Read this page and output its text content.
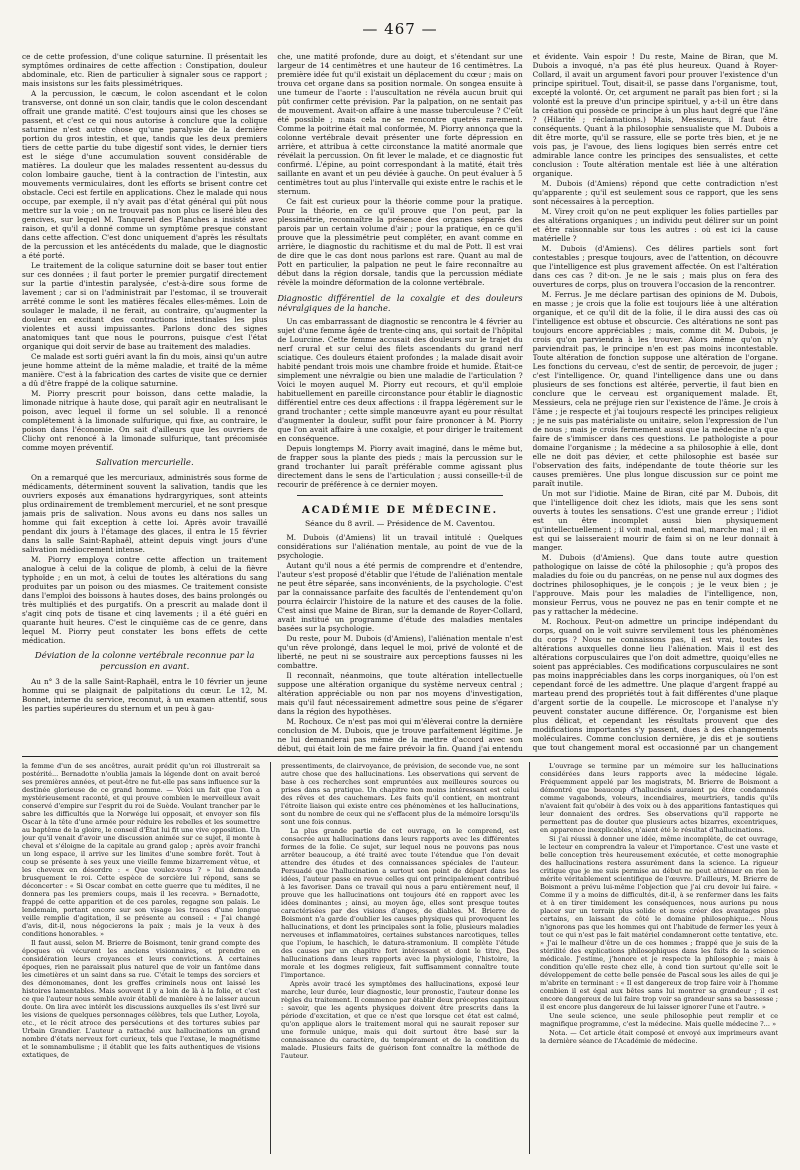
— 467 —

ce de cette profession, d'une colique saturnine. Il présentait les symptômes ordinaires de cette affection : Constipation, douleur abdominale, etc. Rien de particulier à signaler sous ce rapport ; mais insistons sur les faits plessimétriques.

A la percussion, le cæcum, le colon ascendant et le colon transverse, ont donné un son clair, tandis que le colon descendant offrait une grande matité. C'est toujours ainsi que les choses se passent, et c'est ce qui nous autorise à conclure que la colique saturnine n'est autre chose qu'une paralysie de la dernière portion du gros intestin, et que, tandis que les deux premiers tiers de cette partie du tube digestif sont vides, le dernier tiers est le siége d'une accumulation souvent considérable de matières. La douleur que les malades ressentent au-dessus du colon lombaire gauche, tient à la contraction de l'intestin, aux mouvements vermiculaires, dont les efforts se brisent contre cet obstacle. Ceci est fertile en applications. Chez le malade qui nous occupe, par exemple, il n'y avait pas d'état général qui pût nous mettre sur la voie ; on ne trouvait pas non plus ce liseré bleu des gencives, sur lequel M. Tanquerel des Planches a insisté avec raison, et qu'il a donné comme un symptôme presque constant dans cette affection. C'est donc uniquement d'après les résultats de la percussion et les antécédents du malade, que le diagnostic a été porté.

Le traitement de la colique saturnine doit se baser tout entier sur ces données ; il faut porter le premier purgatif directement sur la partie d'intestin paralysée, c'est-à-dire sous forme de lavement ; car si on l'administrait par l'estomac, il se trouverait arrêté comme le sont les matières fécales elles-mêmes. Loin de soulager le malade, il ne ferait, au contraire, qu'augmenter la douleur en excitant des contractions intestinales les plus violentes et aussi impuissantes. Parlons donc des signes anatomiques tant que nous le pourrons, puisque c'est l'état organique qui doit servir de base au traitement des maladies.

Ce malade est sorti guéri avant la fin du mois, ainsi qu'un autre jeune homme atteint de la même maladie, et traité de la même manière. C'est à la fabrication des cartes de visite que ce dernier a dû d'être frappé de la colique saturnine.

M. Piorry prescrit pour boisson, dans cette maladie, la limonade nitrique à haute dose, qui paraît agir en neutralisant le poison, avec lequel il forme un sel soluble. Il a renoncé complétement à la limonade sulfurique, qui fixe, au contraire, le poison dans l'économie. On sait d'ailleurs que les ouvriers de Clichy ont renoncé à la limonade sulfurique, tant précomisée comme moyen préventif.

Salivation mercurielle.

On a remarqué que les mercuriaux, administrés sous forme de médicaments, déterminent souvent la salivation, tandis que les ouvriers exposés aux émanations hydrargyriques, sont atteints plus ordinairement de tremblement mercuriel, et ne sont presque jamais pris de salivation. Nous avons eu dans nos salles un homme qui fait exception à cette loi. Après avoir travaillé pendant dix jours à l'étamage des glaces, il entra le 15 février dans la salle Saint-Raphaël, atteint depuis vingt jours d'une salivation médiocrement intense.

M. Piorry employa contre cette affection un traitement analogue à celui de la colique de plomb, à celui de la fièvre typhoïde ; en un mot, à celui de toutes les altérations du sang produites par un poison ou des miasmes. Ce traitement consiste dans l'emploi des boissons à hautes doses, des bains prolongés ou très multipliés et des purgatifs. On a prescrit au malade dont il s'agit cinq pots de tisane et cinq lavements ; il a été guéri en quarante huit heures. C'est le cinquième cas de ce genre, dans lequel M. Piorry peut constater les bons effets de cette médication.

Déviation de la colonne vertébrale reconnue par la percussion en avant.

Au n° 3 de la salle Saint-Raphaël, entra le 10 février un jeune homme qui se plaignait de palpitations du cœur. Le 12, M. Bonnet, interne du service, reconnut, à un examen attentif, sous les parties supérieures du sternum et un peu à gau-

che, une matité profonde, dure au doigt, et s'étendant sur une largeur de 14 centimètres et une hauteur de 16 centimètres. La première idée fut qu'il existait un déplacement du cœur ; mais on trouva cet organe dans sa position normale. On songea ensuite à une tumeur de l'aorte : l'auscultation ne révéla aucun bruit qui pût confirmer cette prévision. Par la palpation, on ne sentait pas de mouvement. Avait-on affaire à une masse tuberculeuse ? C'eût été possible ; mais cela ne se rencontre quetrès rarement. Comme la poitrine était mal conformée, M. Piorry annonça que la colonne vertébrale devait présenter une forte dépression en arrière, et attribua à cette circonstance la matité anormale que révélait la percussion. On fit lever le malade, et ce diagnostic fut confirmé. L'épine, au point correspondant à la matité, était très saillante en avant et un peu déviée à gauche. On peut évaluer à 5 centimètres tout au plus l'intervalle qui existe entre le rachis et le sternum.

Ce fait est curieux pour la théorie comme pour la pratique. Pour la théorie, en ce qu'il prouve que l'on peut, par la plessimétrie, reconnaître la présence des organes séparés des parois par un certain volume d'air ; pour la pratique, en ce qu'il prouve que la plessimétrie peut compléter, en avant comme en arrière, le diagnostic du rachitisme et du mal de Pott. Il est vrai de dire que le cas dont nous parlons est rare. Quant au mal de Pott en particulier, la palpation ne peut le faire reconnaître au début dans la région dorsale, tandis que la percussion médiate révèle la moindre déformation de la colonne vertébrale.

Diagnostic différentiel de la coxalgie et des douleurs névralgiques de la hanche.

Un cas embarrassant de diagnostic se rencontra le 4 février au sujet d'une femme âgée de trente-cinq ans, qui sortait de l'hôpital de Lourcine. Cette femme accusait des douleurs sur le trajet du nerf crural et sur celui des filets ascendants du grand nerf sciatique. Ces douleurs étaient profondes ; la malade disait avoir habité pendant trois mois une chambre froide et humide. Était-ce simplement une névralgie ou bien une maladie de l'articulation ? Voici le moyen auquel M. Piorry eut recours, et qu'il emploie habituellement en pareille circonstance pour établir le diagnostic différentiel entre ces deux affections : il frappa légèrement sur le grand trochanter ; cette simple manœuvre ayant eu pour résultat d'augmenter la douleur, suffit pour faire prononcer à M. Piorry que l'on avait affaire à une coxalgie, et pour diriger le traitement en conséquence.

Depuis longtemps M. Piorry avait imaginé, dans le même but, de frapper sous la plante des pieds ; mais la percussion sur le grand trochanter lui paraît préférable comme agissant plus directement dans le sens de l'articulation ; aussi conseille-t-il de recourir de préférence à ce dernier moyen.

ACADÉMIE DE MÉDECINE.
Séance du 8 avril. — Présidence de M. Caventou.

M. Dubois (d'Amiens) lit un travail intitulé : Quelques considérations sur l'aliénation mentale, au point de vue de la psychologie.

Autant qu'il nous a été permis de comprendre et d'entendre, l'auteur s'est proposé d'établir que l'étude de l'aliénation mentale ne peut être séparée, sans inconvénients, de la psychologie. C'est par la connaissance parfaite des facultés de l'entendement qu'on pourra éclaircir l'histoire de la nature et des causes de la folie. C'est ainsi que Maine de Biran, sur la demande de Royer-Collard, avait institué un programme d'étude des maladies mentales basées sur la psychologie.

Du reste, pour M. Dubois (d'Amiens), l'aliénation mentale n'est qu'un rêve prolongé, dans lequel le moi, privé de volonté et de liberté, ne peut ni se soustraire aux perceptions fausses ni les combattre.

Il reconnaît, néanmoins, que toute altération intellectuelle suppose une altération organique du système nerveux central ; altération appréciable ou non par nos moyens d'investigation, mais qu'il faut nécessairement admettre sous peine de s'égarer dans la région des hypothèses.

M. Rochoux. Ce n'est pas moi qui m'élèverai contre la dernière conclusion de M. Dubois, que je trouve parfaitement légitime. Je ne lui demanderai pas même de la mettre d'accord avec son début, qui était loin de me faire prévoir la fin. Quand j'ai entendu

et évidente. Vain espoir ! Du reste, Maine de Biran, que M. Dubois a invoqué, n'a pas été plus heureux. Quand à Royer-Collard, il avait un argument favori pour prouver l'existence d'un principe spirituel. Tout, disait-il, se passe dans l'organisme, tout, excepté la volonté. Or, cet argument ne paraît pas bien fort ; si la volonté est la preuve d'un principe spirituel, y a-t-il un être dans la création qui possède ce principe à un plus haut degré que l'âne ? (Hilarité ; réclamations.) Mais, Messieurs, il faut être conséquents. Quant à la philosophie sensualiste que M. Dubois a dit être morte, qu'il se rassure, elle se porte très bien, et je ne vois pas, je l'avoue, des liens logiques bien serrés entre cet admirable lance contre les principes des sensualistes, et cette conclusion : Toute altération mentale est liée à une altération organique.

M. Dubois (d'Amiens) répond que cette contradiction n'est qu'apparente ; qu'il est seulement sous ce rapport, que les sens sont nécessaires à la perception.

M. Virey croit qu'on ne peut expliquer les folies partielles par des altérations organiques ; un individu peut délirer sur un point et être raisonnable sur tous les autres : où est ici la cause matérielle ?

M. Dubois (d'Amiens). Ces délires partiels sont fort contestables ; presque toujours, avec de l'attention, on découvre que l'intelligence est plus gravement affectée. On est l'altération dans ces cas ? dit-on. Je ne le sais ; mais plus on fera des ouvertures de corps, plus on trouvera l'occasion de la rencontrer.

M. Ferrus. Je me déclare partisan des opinions de M. Dubois, en masse ; je crois que la folie est toujours liée à une altération organique, et ce qu'il dit de la folie, il le dira aussi des cas où l'intelligence est obtuse et obscurcie. Ces altérations ne sont pas toujours encore appréciables ; mais, comme dit M. Dubois, je crois qu'on parviendra à les trouver. Alors même qu'on n'y parviendrait pas, le principe n'en est pas moins incontestable. Toute altération de fonction suppose une altération de l'organe. Les fonctions du cerveau, c'est de sentir, de percevoir, de juger ; c'est l'intelligence. Or, quand l'intelligence dans une ou dans plusieurs de ses fonctions est altérée, pervertie, il faut bien en conclure que le cerveau est organiquement malade. Et, Messieurs, cela ne préjuge rien sur l'existence de l'âme. Je crois à l'âme ; je respecte et j'ai toujours respecté les principes religieux ; je ne suis pas matérialiste ou unitaire, selon l'expression de l'un de nous ; mais je crois fermement aussi que la médecine n'a que faire de s'immiscer dans ces questions. Le pathologiste a pour domaine l'organisme ; la médecine a sa philosophie à elle, dont elle ne doit pas dévier, et cette philosophie est basée sur l'observation des faits, indépendante de toute théorie sur les causes premières. Une plus longue discussion sur ce point me paraît inutile.

Un mot sur l'idiotie. Maine de Biran, cité par M. Dubois, dit que l'intelligence doit chez les idiots, mais que les sens sont ouverts à toutes les sensations. C'est une grande erreur ; l'idiot est un être incomplet aussi bien physiquement qu'intellectuellement ; il voit mal, entend mal, marche mal ; il en est qui se laisseraient mourir de faim si on ne leur donnait à manger.

M. Dubois (d'Amiens). Que dans toute autre question pathologique on laisse de côté la philosophie ; qu'à propos des maladies du foie ou du pancréas, on ne pense nul aux dogmes des doctrines philosophiques, je le conçois ; je le veux bien ; je l'approuve. Mais pour les maladies de l'intelligence, non, monsieur Ferrus, vous ne pouvez ne pas en tenir compte et ne pas y rattacher la médecine.

M. Rochoux. Peut-on admettre un principe indépendant du corps, quand on le voit suivre servilement tous les phénomènes du corps ? Nous ne connaissons pas, il est vrai, toutes les altérations auxquelles donne lieu l'aliénation. Mais il est des altérations corpusculaires que l'on doit admettre, quoiqu'elles ne soient pas appréciables. Ces modifications corpusculaires ne sont pas moins inappréciables dans les corps inorganiques, où l'on est cependant forcé de les admettre. Une plaque d'argent frappé au marteau prend des propriétés tout à fait différentes d'une plaque d'argent sortie de la coupelle. Le microscope et l'analyse n'y peuvent constater aucune différence. Or, l'organisme est bien plus délicat, et cependant les résultats prouvent que des modifications importantes s'y passent, dues à des changements moléculaires. Comme conclusion dernière, je dis et je soutiens que tout changement moral est occasionné par un changement

la femme d'un de ses ancêtres, aurait prédit qu'un roi illustrerait sa postérité... Bernadotte n'oublia jamais la légende dont on avait bercé ses premières années, et peut-être ne fut-elle pas sans influence sur la destinée glorieuse de ce grand homme. — Voici un fait que l'on a mystérieusement raconté, et qui prouve combien le merveilleux avait conservé d'empire sur l'esprit du roi de Suède. Voulant trancher par le sabre les difficultés que la Norwége lui opposait, et envoyer son fils Oscar à la tête d'une armée pour réduire les rebelles et les soumettre au baptême de la gloire, le conseil d'État lui fit une vive opposition. Un jour qu'il venait d'avoir une discussion animée sur ce sujet, il monte à cheval et s'éloigne de la capitale au grand galop ; après avoir franchi un long espace, il arrive sur les limites d'une sombre forêt. Tout à coup se présente à ses yeux une vieille femme bizarrement vêtue, et les cheveux en désordre : « Que voulez-vous ? » lui demanda brusquement le roi. Cette espèce de sorcière lui répond, sans se déconcerter : « Si Oscar combat en cette guerre que tu médites, il ne donnera pas les premiers coups, mais il les recevra. » Bernadotte, frappé de cette apparition et de ces paroles, regagne son palais. Le lendemain, portant encore sur son visage les traces d'une longue veille remplie d'agitation, il se présente au conseil : « J'ai changé d'avis, dit-il, nous négocierons la paix ; mais je la veux à des conditions honorables. »

Il faut aussi, selon M. Brierre de Boismont, tenir grand compte des époques où vécurent les anciens visionnaires, et prendre en considération leurs croyances et leurs convictions. A certaines époques, rien ne paraissait plus naturel que de voir un fantôme dans les cimetières et un saint dans sa rue. C'était le temps des sorciers et des démonomanes, dont les greffes criminels nous ont laissé les histoires lamentables. Mais souvent il y a loin de là à la folie, et c'est ce que l'auteur nous semble avoir établi de manière à ne laisser aucun doute. On lira avec intérêt les discussions auxquelles ils s'est livré sur les visions de quelques personnages célèbres, tels que Luther, Loyola, etc., et le récit atroce des persécutions et des tortures subies par Urbain Grandier. L'auteur a rattaché aux hallucinations un grand nombre d'états nerveux fort curieux, tels que l'extase, le magnétisme et le somnambulisme ; il établit que les faits authentiques de visions extatiques, de

pressentiments, de clairvoyance, de prévision, de seconde vue, ne sont autre chose que des hallucinations. Les observations qui servent de base à ces recherches sont empruntées aux meilleures sources ou prises dans sa pratique. Un chapitre non moins intéressant est celui des rêves et des cauchemars. Les faits qu'il contient, en montrant l'étroite liaison qui existe entre ces phénomènes et les hallucinations, sont du nombre de ceux qui ne s'effacent plus de la mémoire lorsqu'ils sont une fois connus.

La plus grande partie de cet ouvrage, on le comprend, est consacrée aux hallucinations dans leurs rapports avec les différentes formes de la folie. Ce sujet, sur lequel nous ne pouvons pas nous arrêter beaucoup, a été traité avec toute l'étendue que l'on devait attendre des études et des connaissances spéciales de l'auteur. Persuadé que l'hallucination a surtout son point de départ dans les idées, l'auteur passe en revue celles qui ont principalement contribué à les favoriser. Dans ce travail qui nous a paru entièrement neuf, il prouve que les hallucinations ont toujours été en rapport avec les idées dominantes ; ainsi, au moyen âge, elles sont presque toutes caractérisées par des visions d'anges, de diables. M. Brierre de Boismont n'a garde d'oublier les causes physiques qui provoquent les hallucinations, et dont les principales sont la folie, plusieurs maladies nerveuses et inflammatoires, certaines substances narcotiques, telles que l'opium, le haschich, le datura-stramonium. Il complète l'étude des causes par un chapitre fort intéressant et dont le titre, Des hallucinations dans leurs rapports avec la physiologie, l'histoire, la morale et les dogmes religieux, fait suffisamment connaître toute l'importance.

Après avoir tracé les symptômes des hallucinations, exposé leur marche, leur durée, leur diagnostic, leur pronostic, l'auteur donne les règles du traitement. Il commence par établir deux préceptes capitaux : savoir, que les agents physiques doivent être prescrits dans la période d'excitation, et que ce n'est que lorsque cet état est calmé, qu'on applique alors le traitement moral qui ne saurait reposer sur une formule unique, mais qui doit surtout être basé sur la connaissance du caractère, du tempérament et de la condition du malade. Plusieurs faits de guérison font connaître la méthode de l'auteur.

L'ouvrage se termine par un mémoire sur les hallucinations considérées dans leurs rapports avec la médecine légale. Fréquemment appelé par les magistrats, M. Brierre de Boismont a démontré que beaucoup d'hallucinés auraient pu être condamnés comme vagabonds, voleurs, incendiaires, meurtriers, tandis qu'ils n'avaient fait qu'obéir à des voix ou à des apparitions fantastiques qui leur donnaient des ordres. Ses observations qu'il rapporte ne permettent pas de douter que plusieurs actes bizarres, excentriques, en apparence inexplicables, n'aient été le résultat d'hallucinations.

Si j'ai réussi à donner une idée, même incomplète, de cet ouvrage, le lecteur en comprendra la valeur et l'importance. C'est une vaste et belle conception très heureusement exécutée, et cette monographie des hallucinations restera assurément dans la science. La rigueur critique que je me suis permise au début ne peut atténuer en rien le mérite véritablement scientifique de l'œuvre. D'ailleurs, M. Brierre de Boismont a prévu lui-même l'objection que j'ai cru devoir lui faire. « Comme il y a moins de difficultés, dit-il, à se renfermer dans les faits et à en tirer timidement les conséquences, nous aurions pu nous placer sur un terrain plus solide et nous créer des avantages plus certains, en laissant de côté le domaine philosophique... Nous n'ignorons pas que les hommes qui ont l'habitude de fermer les yeux à tout ce qui n'est pas le fait matériel condamneront cette tentative, etc. » J'ai le malheur d'être un de ces hommes ; frappé que je suis de la stérilité des explications philosophiques dans les faits de la science médicale. J'estime, j'honore et je respecte la philosophie ; mais à condition qu'elle reste chez elle, à cond tion surtout qu'elle soit le développement de cette belle pensée de Pascal sous les ailes de qui je m'abrite en terminant : « Il est dangereux de trop faire voir à l'homme combien il est égal aux bêtes sans lui montrer sa grandeur ; il est encore dangereux de lui faire trop voir sa grandeur sans sa bassesse ; il est encore plus dangereux de lui laisser ignorer l'une et l'autre. »

Une seule science, une seule philosophie peut remplir et ce magnifique programme, c'est la médecine. Mais quelle médecine ?... »

Nota. — Cet article était composé et envoyé aux imprimeurs avant la dernière séance de l'Académie de médecine.
